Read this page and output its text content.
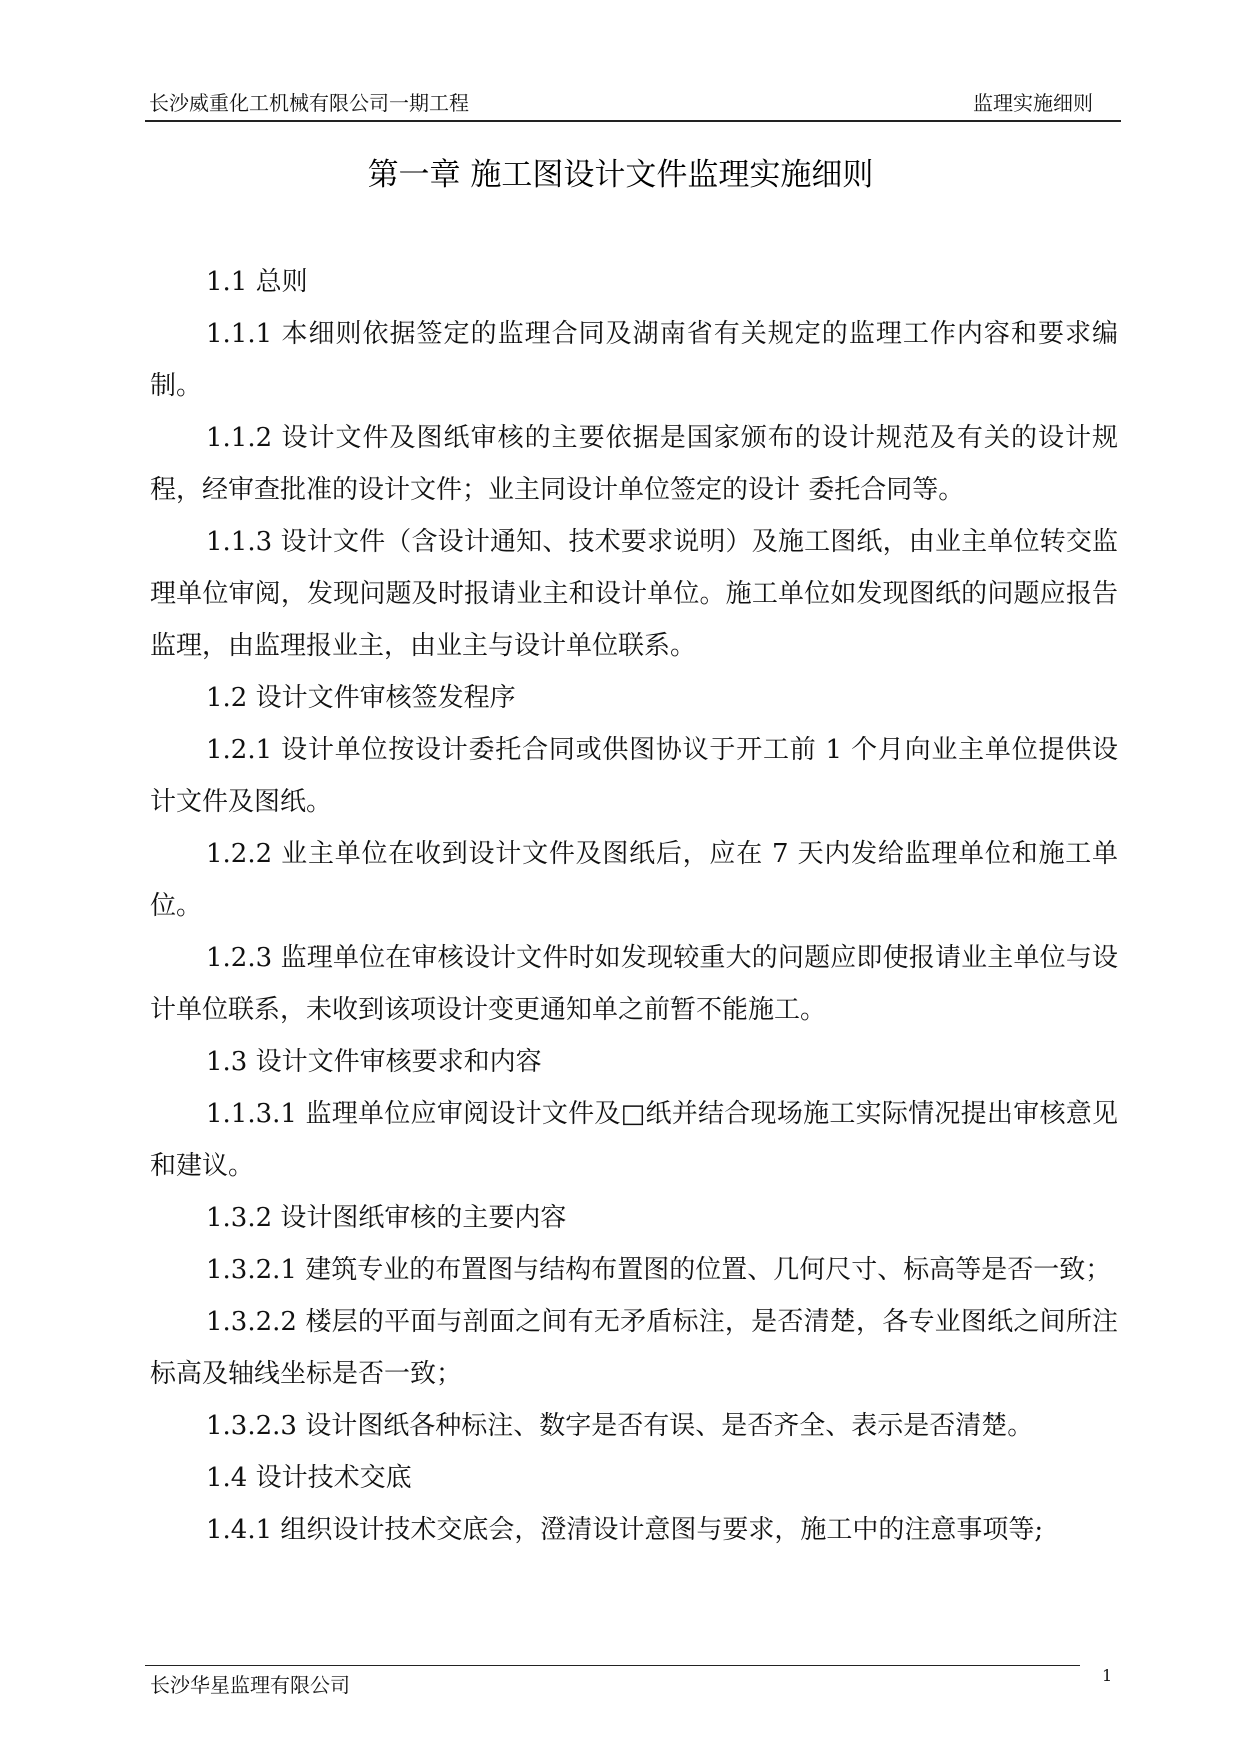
长沙威重化工机械有限公司一期工程	监理实施细则
第一章 施工图设计文件监理实施细则

1.1 总则

1.1.1 本细则依据签定的监理合同及湖南省有关规定的监理工作内容和要求编制。

1.1.2 设计文件及图纸审核的主要依据是国家颁布的设计规范及有关的设计规程，经审查批准的设计文件；业主同设计单位签定的设计 委托合同等。

1.1.3 设计文件（含设计通知、技术要求说明）及施工图纸，由业主单位转交监理单位审阅，发现问题及时报请业主和设计单位。施工单位如发现图纸的问题应报告监理，由监理报业主，由业主与设计单位联系。

1.2 设计文件审核签发程序

1.2.1 设计单位按设计委托合同或供图协议于开工前 1 个月向业主单位提供设计文件及图纸。

1.2.2 业主单位在收到设计文件及图纸后，应在 7 天内发给监理单位和施工单位。

1.2.3 监理单位在审核设计文件时如发现较重大的问题应即使报请业主单位与设计单位联系，未收到该项设计变更通知单之前暂不能施工。

1.3 设计文件审核要求和内容

1.1.3.1 监理单位应审阅设计文件及□纸并结合现场施工实际情况提出审核意见和建议。

1.3.2 设计图纸审核的主要内容

1.3.2.1 建筑专业的布置图与结构布置图的位置、几何尺寸、标高等是否一致；

1.3.2.2 楼层的平面与剖面之间有无矛盾标注，是否清楚，各专业图纸之间所注标高及轴线坐标是否一致；

1.3.2.3 设计图纸各种标注、数字是否有误、是否齐全、表示是否清楚。

1.4 设计技术交底

1.4.1 组织设计技术交底会，澄清设计意图与要求，施工中的注意事项等;

长沙华星监理有限公司	1
